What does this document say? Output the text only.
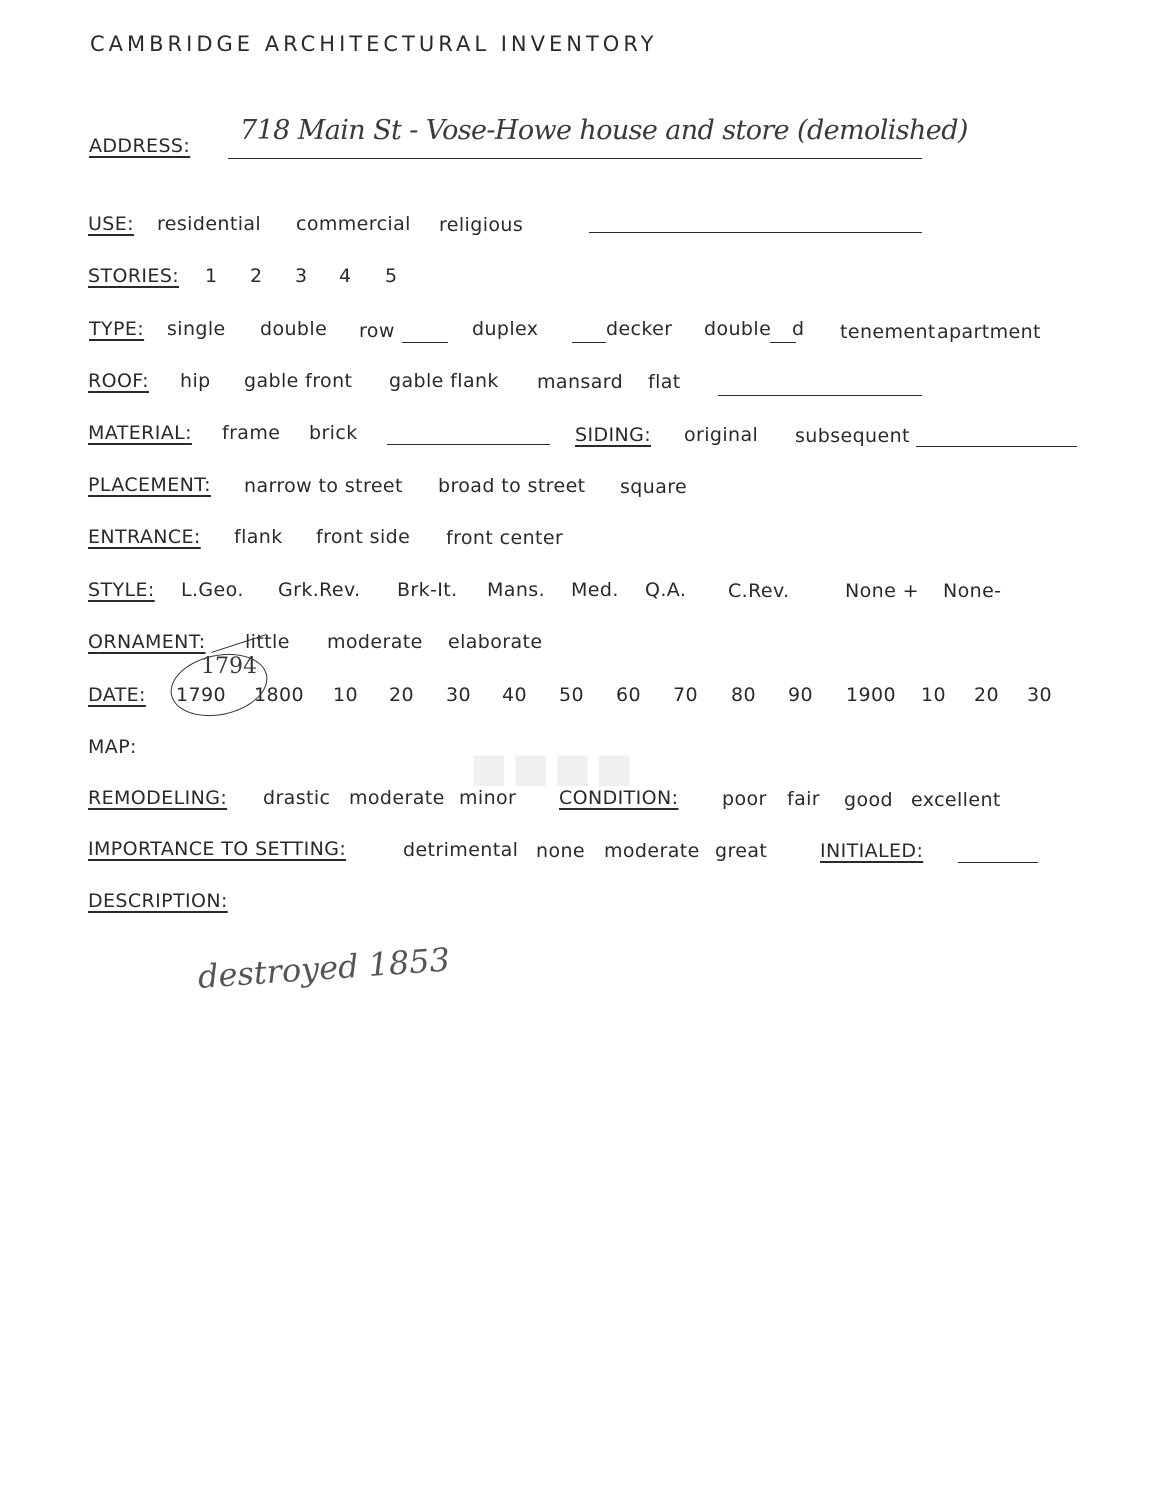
■■■■
CAMBRIDGE ARCHITECTURAL INVENTORY
ADDRESS: 718 Main St - Vose-Howe house and store (demolished)
USE: residential commercial religious
STORIES: 1 2 3 4 5
TYPE: single double row	duplex	decker double d tenement apartment
ROOF: hip gable front gable flank mansard flat
MATERIAL: frame brick	SIDING: original subsequent
PLACEMENT: narrow to street broad to street square
ENTRANCE: flank front side front center
STYLE: L.Geo. Grk.Rev. Brk-It. Mans. Med. Q.A. C.Rev.	None + None-
ORNAMENT: little moderate elaborate
DATE:
1794
1790 1800 10 20 30 40 50 60 70 80 90 1900 10 20 30
MAP:
REMODELING: drastic moderate minor CONDITION: poor fair good excellent
IMPORTANCE TO SETTING:	detrimental none moderate great	INITIALED:
DESCRIPTION:
destroyed 1853
